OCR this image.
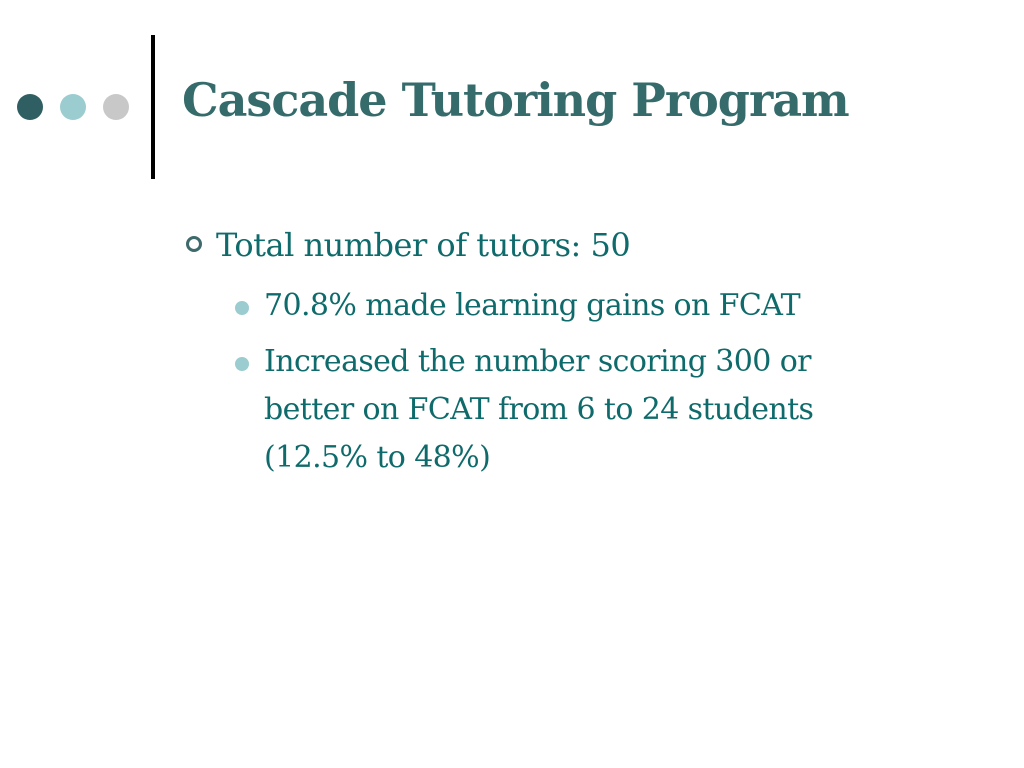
Cascade Tutoring Program
Total number of tutors: 50
70.8% made learning gains on FCAT
Increased the number scoring 300 or better on FCAT from 6 to 24 students (12.5% to 48%)
